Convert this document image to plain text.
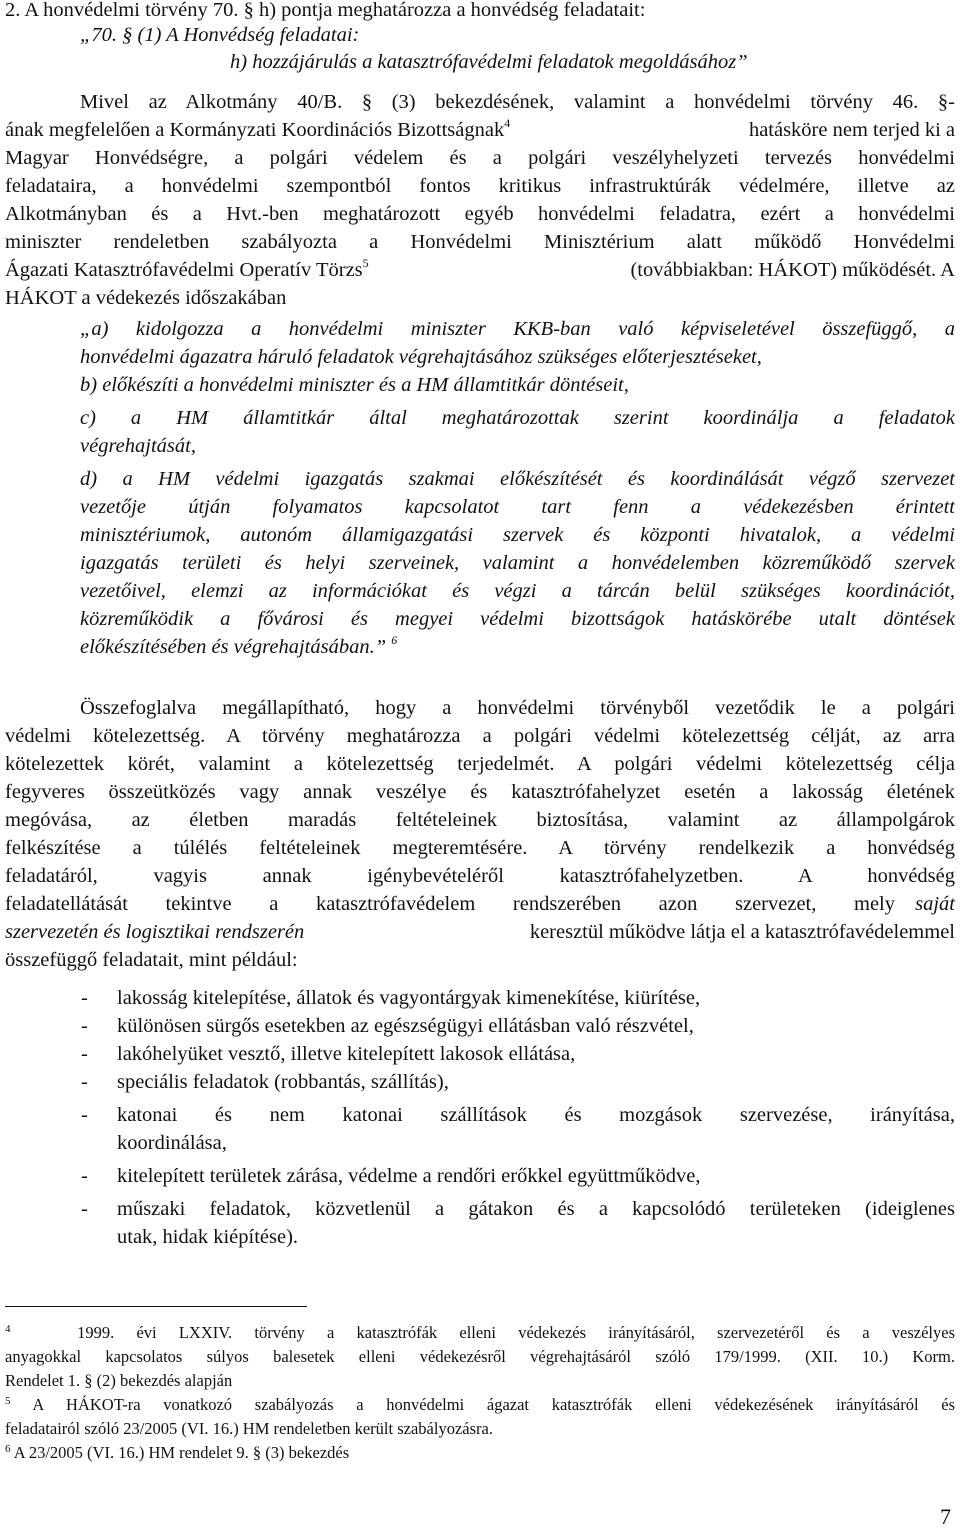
2. A honvédelmi törvény 70. § h) pontja meghatározza a honvédség feladatait:
„70. § (1) A Honvédség feladatai:
h) hozzájárulás a katasztrófavédelmi feladatok megoldásához”
Mivel az Alkotmány 40/B. § (3) bekezdésének, valamint a honvédelmi törvény 46. §-
ának megfelelően a Kormányzati Koordinációs Bizottságnak$^4$	hatásköre nem terjed ki a
Magyar Honvédségre, a polgári védelem és a polgári veszélyhelyzeti tervezés honvédelmi
feladataira, a honvédelmi szempontból fontos kritikus infrastruktúrák védelmére, illetve az
Alkotmányban és a Hvt.-ben meghatározott egyéb honvédelmi feladatra, ezért a honvédelmi
miniszter rendeletben szabályozta a Honvédelmi Minisztérium alatt működő Honvédelmi
Ágazati Katasztrófavédelmi Operatív Törzs$^5$	(továbbiakban: HÁKOT) működését. A
HÁKOT a védekezés időszakában
„a) kidolgozza a honvédelmi miniszter KKB-ban való képviseletével összefüggő, a
honvédelmi ágazatra háruló feladatok végrehajtásához szükséges előterjesztéseket,
b) előkészíti a honvédelmi miniszter és a HM államtitkár döntéseit,
c) a HM államtitkár által meghatározottak szerint koordinálja a feladatok
végrehajtását,
d) a HM védelmi igazgatás szakmai előkészítését és koordinálását végző szervezet
vezetője útján folyamatos kapcsolatot tart fenn a védekezésben érintett
minisztériumok, autonóm államigazgatási szervek és központi hivatalok, a védelmi
igazgatás területi és helyi szerveinek, valamint a honvédelemben közreműködő szervek
vezetőivel, elemzi az információkat és végzi a tárcán belül szükséges koordinációt,
közreműködik a fővárosi és megyei védelmi bizottságok hatáskörébe utalt döntések
előkészítésében és végrehajtásában.” $^6$
Összefoglalva megállapítható, hogy a honvédelmi törvényből vezetődik le a polgári
védelmi kötelezettség. A törvény meghatározza a polgári védelmi kötelezettség célját, az arra
kötelezettek körét, valamint a kötelezettség terjedelmét. A polgári védelmi kötelezettség célja
fegyveres összeütközés vagy annak veszélye és katasztrófahelyzet esetén a lakosság életének
megóvása, az életben maradás feltételeinek biztosítása, valamint az állampolgárok
felkészítése a túlélés feltételeinek megteremtésére. A törvény rendelkezik a honvédség
feladatáról, vagyis annak igénybevételéről katasztrófahelyzetben. A honvédség
feladatellátását tekintve a katasztrófavédelem rendszerében azon szervezet, mely saját
szervezetén és logisztikai rendszerén	keresztül működve látja el a katasztrófavédelemmel
összefüggő feladatait, mint például:
- lakosság kitelepítése, állatok és vagyontárgyak kimenekítése, kiürítése,
- különösen sürgős esetekben az egészségügyi ellátásban való részvétel,
- lakóhelyüket vesztő, illetve kitelepített lakosok ellátása,
- speciális feladatok (robbantás, szállítás),
- katonai és nem katonai szállítások és mozgások szervezése, irányítása,
koordinálása,
- kitelepített területek zárása, védelme a rendőri erőkkel együttműködve,
- műszaki feladatok, közvetlenül a gátakon és a kapcsolódó területeken (ideiglenes
utak, hidak kiépítése).
$^4$	1999. évi LXXIV. törvény a katasztrófák elleni védekezés irányításáról, szervezetéről és a veszélyes
anyagokkal kapcsolatos súlyos balesetek elleni védekezésről végrehajtásáról szóló 179/1999. (XII. 10.) Korm.
Rendelet 1. § (2) bekezdés alapján
$^5$ A HÁKOT-ra vonatkozó szabályozás a honvédelmi ágazat katasztrófák elleni védekezésének irányításáról és
feladatairól szóló 23/2005 (VI. 16.) HM rendeletben került szabályozásra.
$^6$ A 23/2005 (VI. 16.) HM rendelet 9. § (3) bekezdés
7
